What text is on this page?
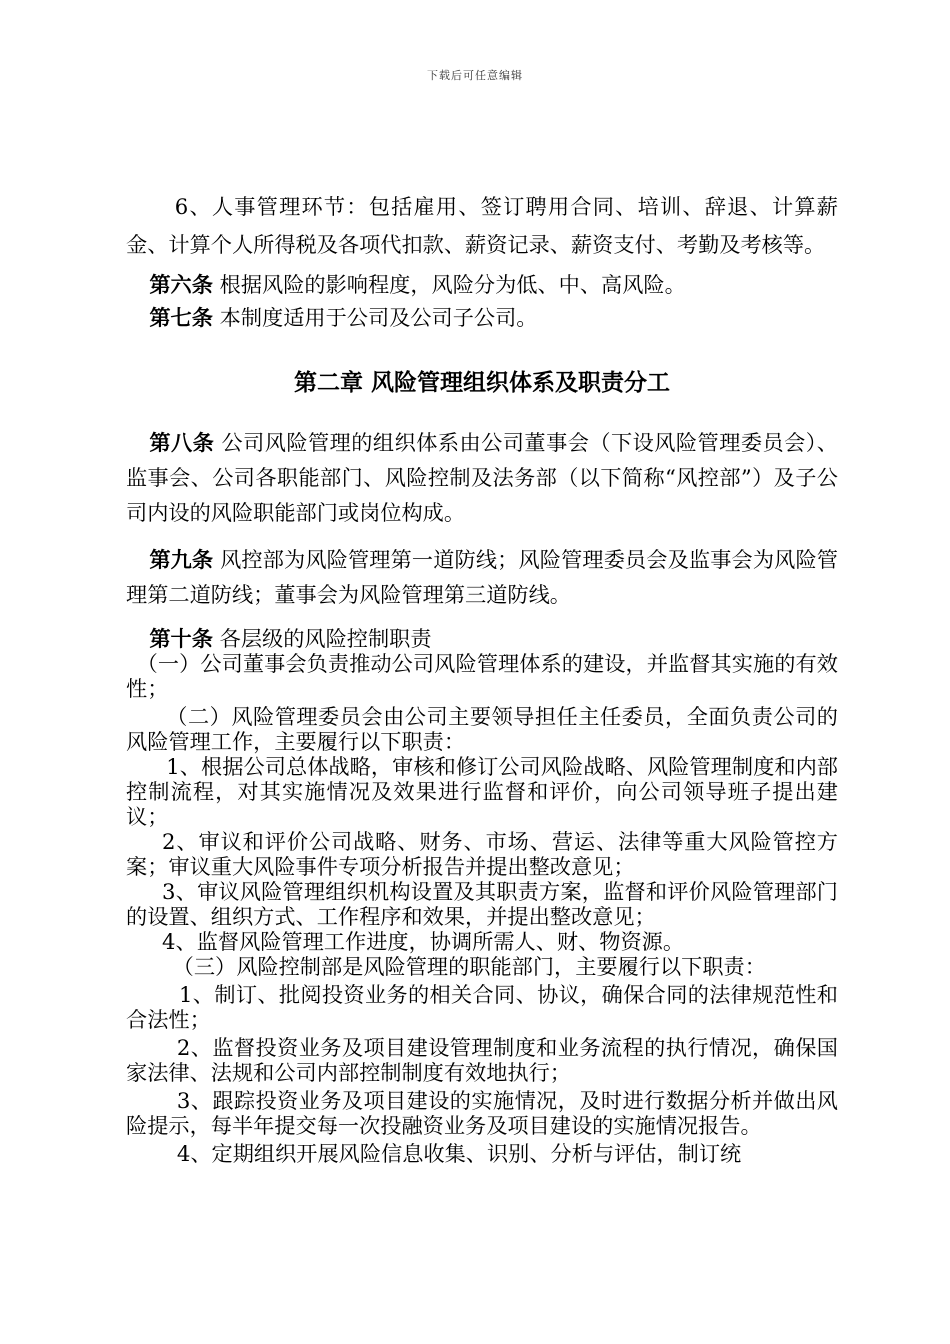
下载后可任意编辑

6、人事管理环节：包括雇用、签订聘用合同、培训、辞退、计算薪金、计算个人所得税及各项代扣款、薪资记录、薪资支付、考勤及考核等。

第六条 根据风险的影响程度，风险分为低、中、高风险。

第七条 本制度适用于公司及公司子公司。

第二章 风险管理组织体系及职责分工

第八条 公司风险管理的组织体系由公司董事会（下设风险管理委员会）、监事会、公司各职能部门、风险控制及法务部（以下简称“风控部”）及子公司内设的风险职能部门或岗位构成。

第九条 风控部为风险管理第一道防线；风险管理委员会及监事会为风险管理第二道防线；董事会为风险管理第三道防线。

第十条 各层级的风险控制职责

（一）公司董事会负责推动公司风险管理体系的建设，并监督其实施的有效性；

（二）风险管理委员会由公司主要领导担任主任委员，全面负责公司的风险管理工作，主要履行以下职责：

1、根据公司总体战略，审核和修订公司风险战略、风险管理制度和内部控制流程，对其实施情况及效果进行监督和评价，向公司领导班子提出建议；

2、审议和评价公司战略、财务、市场、营运、法律等重大风险管控方案；审议重大风险事件专项分析报告并提出整改意见；

3、审议风险管理组织机构设置及其职责方案，监督和评价风险管理部门的设置、组织方式、工作程序和效果，并提出整改意见；

4、监督风险管理工作进度，协调所需人、财、物资源。

（三）风险控制部是风险管理的职能部门，主要履行以下职责：

1、制订、批阅投资业务的相关合同、协议，确保合同的法律规范性和合法性；

2、监督投资业务及项目建设管理制度和业务流程的执行情况，确保国家法律、法规和公司内部控制制度有效地执行；

3、跟踪投资业务及项目建设的实施情况，及时进行数据分析并做出风险提示，每半年提交每一次投融资业务及项目建设的实施情况报告。

4、定期组织开展风险信息收集、识别、分析与评估，制订统
